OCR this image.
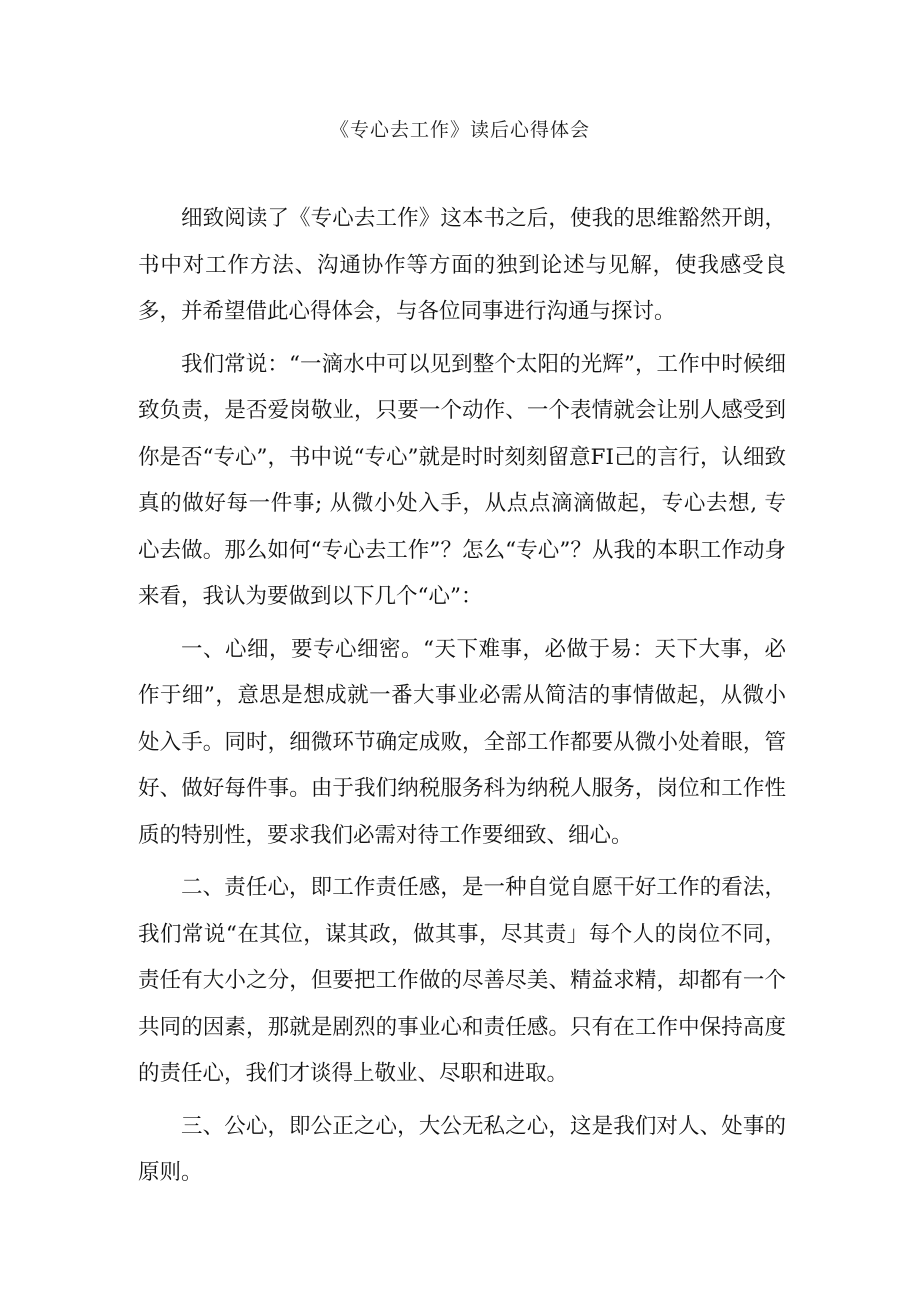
《专心去工作》读后心得体会

细致阅读了《专心去工作》这本书之后，使我的思维豁然开朗，书中对工作方法、沟通协作等方面的独到论述与见解，使我感受良多，并希望借此心得体会，与各位同事进行沟通与探讨。

我们常说：“一滴水中可以见到整个太阳的光辉”，工作中时候细致负责，是否爱岗敬业，只要一个动作、一个表情就会让别人感受到你是否“专心”，书中说“专心”就是时时刻刻留意FI己的言行，认细致真的做好每一件事; 从微小处入手，从点点滴滴做起，专心去想, 专心去做。那么如何“专心去工作”？怎么“专心”？从我的本职工作动身来看，我认为要做到以下几个“心”：

一、心细，要专心细密。“天下难事，必做于易：天下大事，必作于细”，意思是想成就一番大事业必需从简洁的事情做起，从微小处入手。同时，细微环节确定成败，全部工作都要从微小处着眼，管好、做好每件事。由于我们纳税服务科为纳税人服务，岗位和工作性质的特别性，要求我们必需对待工作要细致、细心。

二、责任心，即工作责任感，是一种自觉自愿干好工作的看法，我们常说“在其位，谋其政，做其事，尽其责」每个人的岗位不同，责任有大小之分，但要把工作做的尽善尽美、精益求精，却都有一个共同的因素，那就是剧烈的事业心和责任感。只有在工作中保持高度的责任心，我们才谈得上敬业、尽职和进取。

三、公心，即公正之心，大公无私之心，这是我们对人、处事的原则。
